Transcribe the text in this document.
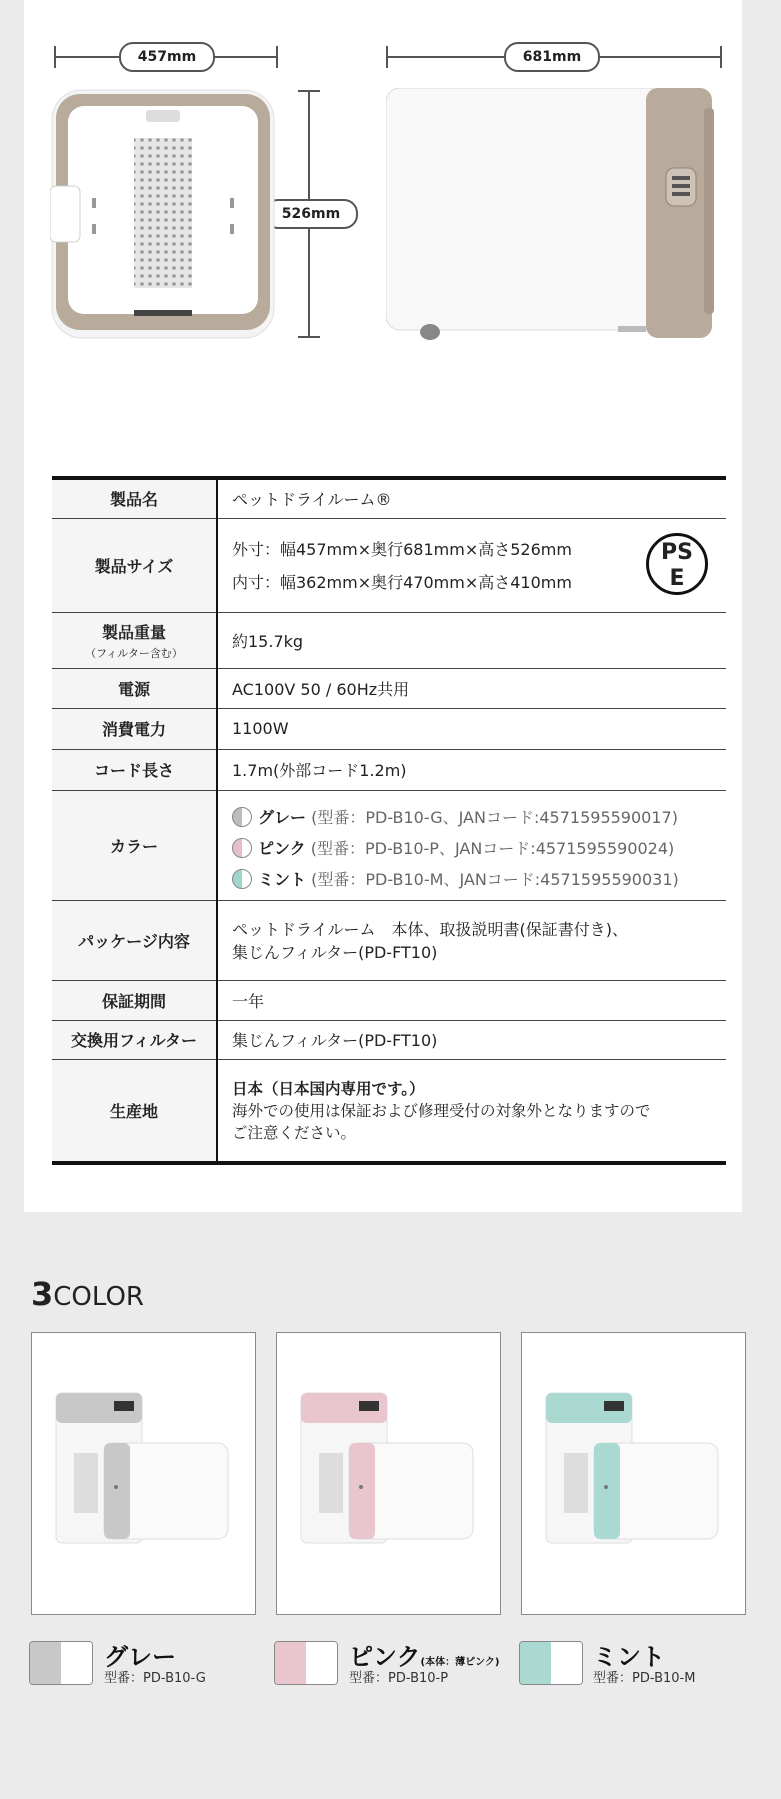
457mm	681mm
526mm
製品名	ペットドライルーム®
製品サイズ	外寸：幅457mm×奥行681mm×高さ526mm
内寸：幅362mm×奥行470mm×高さ410mm
PS
E

製品重量
（フィルター含む）	約15.7kg
電源	AC100V 50 / 60Hz共用
消費電力	1100W
コード長さ	1.7m(外部コード1.2m)
カラー	グレー (型番：PD-B10-G、JANコード:4571595590017)
ピンク (型番：PD-B10-P、JANコード:4571595590024)
ミント (型番：PD-B10-M、JANコード:4571595590031)

パッケージ内容	ペットドライルーム　本体、取扱説明書(保証書付き)、
集じんフィルター(PD-FT10)

保証期間	一年
交換用フィルター	集じんフィルター(PD-FT10)
生産地	日本（日本国内専用です。）
海外での使用は保証および修理受付の対象外となりますので
ご注意ください。
3COLOR
グレー
型番：PD-B10-G
ピンク(本体：薄ピンク)
型番：PD-B10-P
ミント
型番：PD-B10-M
